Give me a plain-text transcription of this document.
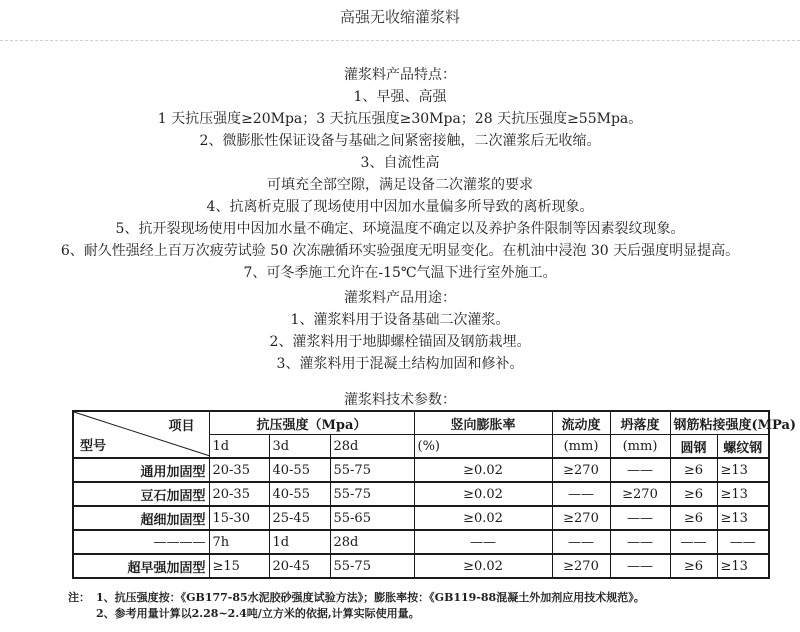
高强无收缩灌浆料
灌浆料产品特点：
1、早强、高强
1 天抗压强度≥20Mpa；3 天抗压强度≥30Mpa；28 天抗压强度≥55Mpa。
2、微膨胀性保证设备与基础之间紧密接触，二次灌浆后无收缩。
3、自流性高
可填充全部空隙，满足设备二次灌浆的要求
4、抗离析克服了现场使用中因加水量偏多所导致的离析现象。
5、抗开裂现场使用中因加水量不确定、环境温度不确定以及养护条件限制等因素裂纹现象。
6、耐久性强经上百万次疲劳试验 50 次冻融循环实验强度无明显变化。在机油中浸泡 30 天后强度明显提高。
7、可冬季施工允许在-15℃气温下进行室外施工。
灌浆料产品用途：
1、灌浆料用于设备基础二次灌浆。
2、灌浆料用于地脚螺栓锚固及钢筋栽埋。
3、灌浆料用于混凝土结构加固和修补。
灌浆料技术参数：
项目
型号	抗压强度（Mpa）			竖向膨胀率	流动度	坍落度	钢筋粘接强度(MPa)	
	1d	3d	28d	(%)	(mm)	(mm)	圆钢	螺纹钢
通用加固型	20-35	40-55	55-75	≥0.02	≥270	——	≥6	≥13
豆石加固型	20-35	40-55	55-75	≥0.02	——	≥270	≥6	≥13
超细加固型	15-30	25-45	55-65	≥0.02	≥270	——	≥6	≥13
————	7h	1d	28d	——	——	——	——	——
超早强加固型	≥15	20-45	55-75	≥0.02	≥270	——	≥6	≥13
注： 1、抗压强度按：《GB177-85水泥胶砂强度试验方法》；膨胀率按：《GB119-88混凝土外加剂应用技术规范》。
2、参考用量计算以2.28~2.4吨/立方米的依据,计算实际使用量。
